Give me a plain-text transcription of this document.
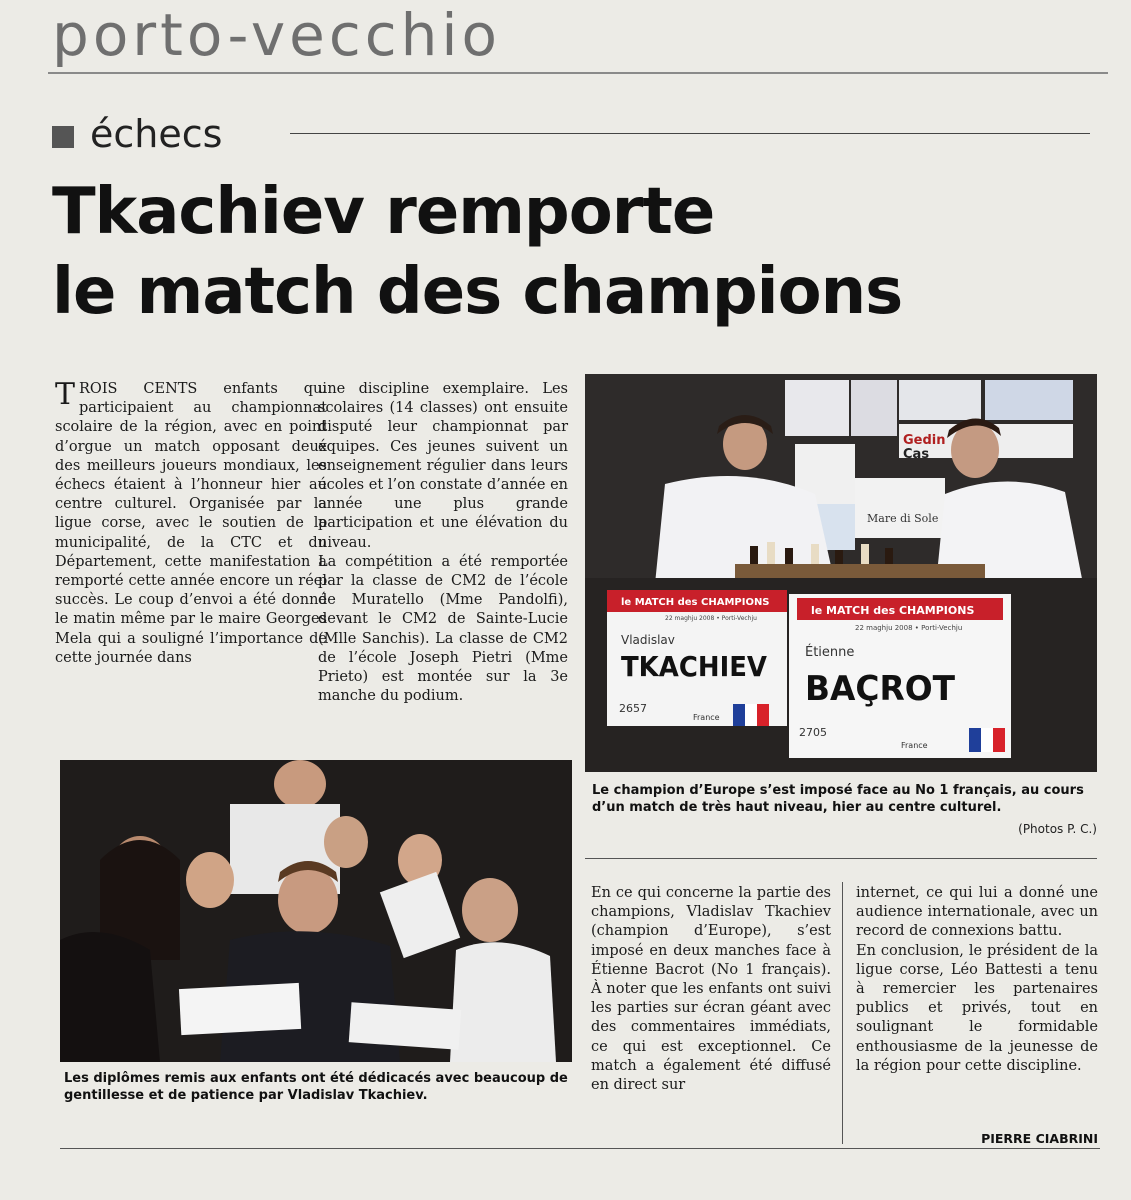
porto-vecchio
échecs
Tkachiev remporte
le match des champions

TROIS CENTS enfants qui participaient au championnat scolaire de la région, avec en point d’orgue un match opposant deux des meilleurs joueurs mondiaux, les échecs étaient à l’honneur hier au centre culturel. Organisée par la ligue corse, avec le soutien de la municipalité, de la CTC et du Département, cette manifestation a remporté cette année encore un réel succès. Le coup d’envoi a été donné le matin même par le maire Georges Mela qui a souligné l’importance de cette journée dans

une discipline exemplaire. Les scolaires (14 classes) ont ensuite disputé leur championnat par équipes. Ces jeunes suivent un enseignement régulier dans leurs écoles et l’on constate d’année en année une plus grande participation et une élévation du niveau.

La compétition a été remportée par la classe de CM2 de l’école de Muratello (Mme Pandolfi), devant le CM2 de Sainte-Lucie (Mlle Sanchis). La classe de CM2 de l’école Joseph Pietri (Mme Prieto) est montée sur la 3e manche du podium.

Mare di Sole
Gedin
Cas
le MATCH des CHAMPIONS
22 maghju 2008 • Porti-Vechju
Vladislav
TKACHIEV
2657
France
le MATCH des CHAMPIONS
22 maghju 2008 • Porti-Vechju
Étienne
BAÇROT
2705
France
Le champion d’Europe s’est imposé face au No 1 français, au cours d’un match de très haut niveau, hier au centre culturel.
(Photos P. C.)
Les diplômes remis aux enfants ont été dédicacés avec beaucoup de gentillesse et de patience par Vladislav Tkachiev.

En ce qui concerne la partie des champions, Vladislav Tkachiev (champion d’Europe), s’est imposé en deux manches face à Étienne Bacrot (No 1 français). À noter que les enfants ont suivi les parties sur écran géant avec des commentaires immédiats, ce qui est exceptionnel. Ce match a également été diffusé en direct sur

internet, ce qui lui a donné une audience internationale, avec un record de connexions battu.

En conclusion, le président de la ligue corse, Léo Battesti a tenu à remercier les partenaires publics et privés, tout en soulignant le formidable enthousiasme de la jeunesse de la région pour cette discipline.

PIERRE CIABRINI
